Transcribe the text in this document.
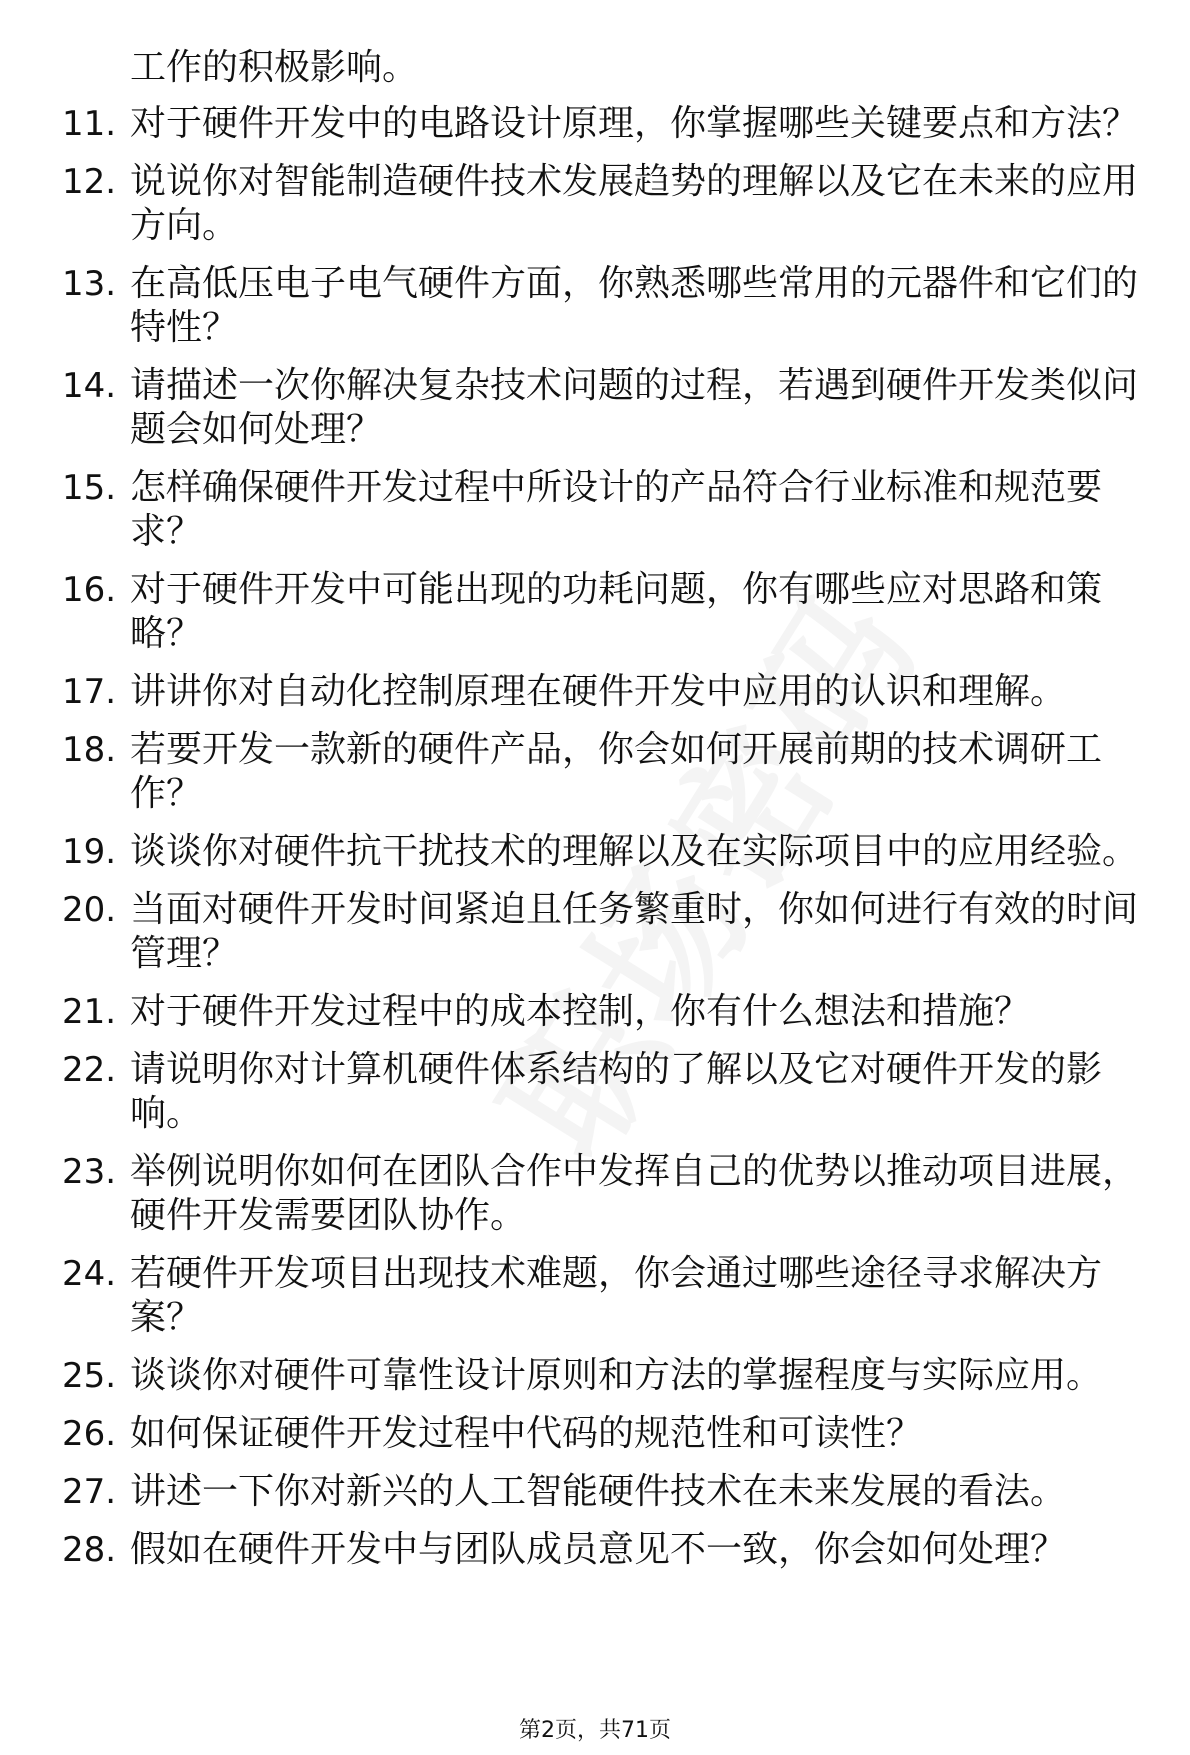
工作的积极影响。
11. 对于硬件开发中的电路设计原理，你掌握哪些关键要点和方法？
12. 说说你对智能制造硬件技术发展趋势的理解以及它在未来的应用
方向。
13. 在高低压电子电气硬件方面，你熟悉哪些常用的元器件和它们的
特性？
14. 请描述一次你解决复杂技术问题的过程，若遇到硬件开发类似问
题会如何处理？
15. 怎样确保硬件开发过程中所设计的产品符合行业标准和规范要
求？
16. 对于硬件开发中可能出现的功耗问题，你有哪些应对思路和策
略？
17. 讲讲你对自动化控制原理在硬件开发中应用的认识和理解。
18. 若要开发一款新的硬件产品，你会如何开展前期的技术调研工
作？
19. 谈谈你对硬件抗干扰技术的理解以及在实际项目中的应用经验。
20. 当面对硬件开发时间紧迫且任务繁重时，你如何进行有效的时间
管理？
21. 对于硬件开发过程中的成本控制，你有什么想法和措施？
22. 请说明你对计算机硬件体系结构的了解以及它对硬件开发的影
响。
23. 举例说明你如何在团队合作中发挥自己的优势以推动项目进展，
硬件开发需要团队协作。
24. 若硬件开发项目出现技术难题，你会通过哪些途径寻求解决方
案？
25. 谈谈你对硬件可靠性设计原则和方法的掌握程度与实际应用。
26. 如何保证硬件开发过程中代码的规范性和可读性？
27. 讲述一下你对新兴的人工智能硬件技术在未来发展的看法。
28. 假如在硬件开发中与团队成员意见不一致，你会如何处理？
第2页，共71页
